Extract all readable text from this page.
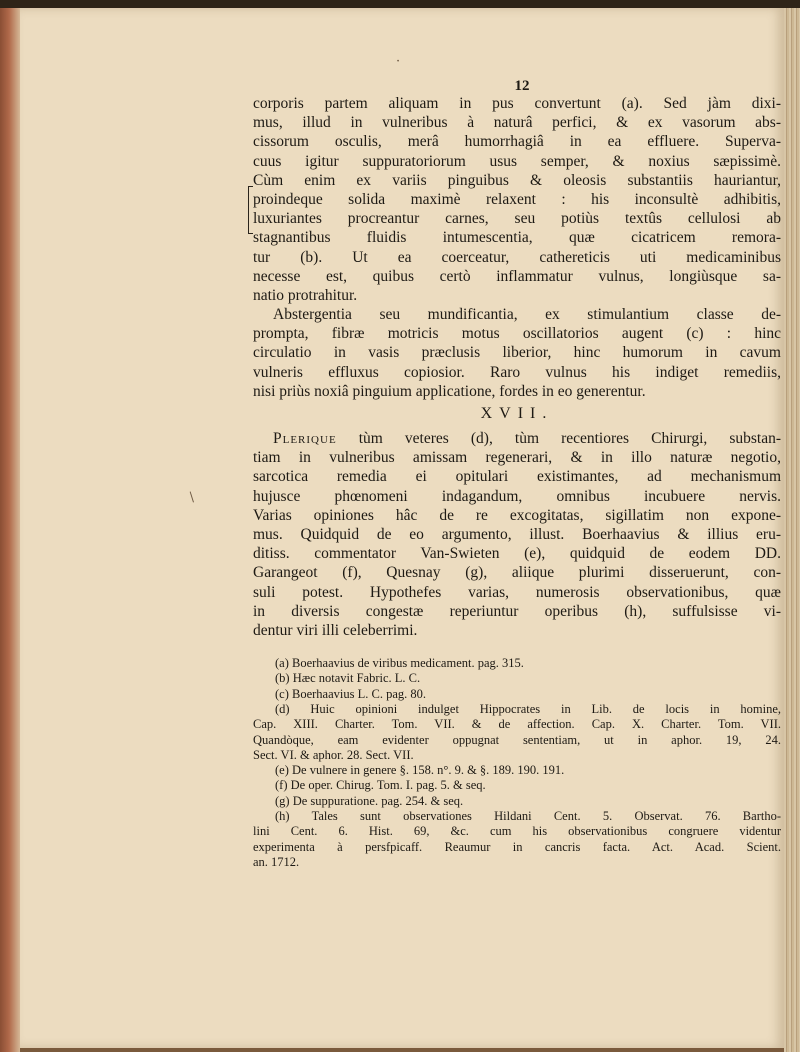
·
/
12
corporis partem aliquam in pus convertunt (a). Sed jàm dixi-
mus, illud in vulneribus à naturâ perfici, & ex vasorum abs-
cissorum osculis, merâ humorrhagiâ in ea effluere. Superva-
cuus igitur suppuratoriorum usus semper, & noxius sæpissimè.
Cùm enim ex variis pinguibus & oleosis substantiis hauriantur,
proindeque solida maximè relaxent : his inconsultè adhibitis,
luxuriantes procreantur carnes, seu potiùs textûs cellulosi ab
stagnantibus fluidis intumescentia, quæ cicatricem remora-
tur (b). Ut ea coerceatur, cathereticis uti medicaminibus
necesse est, quibus certò inflammatur vulnus, longiùsque sa-
natio protrahitur.
Abstergentia seu mundificantia, ex stimulantium classe de-
prompta, fibræ motricis motus oscillatorios augent (c) : hinc
circulatio in vasis præclusis liberior, hinc humorum in cavum
vulneris effluxus copiosior. Raro vulnus his indiget remediis,
nisi priùs noxiâ pinguium applicatione, fordes in eo generentur.
XVII.
Plerique tùm veteres (d), tùm recentiores Chirurgi, substan-
tiam in vulneribus amissam regenerari, & in illo naturæ negotio,
sarcotica remedia ei opitulari existimantes, ad mechanismum
hujusce phœnomeni indagandum, omnibus incubuere nervis.
Varias opiniones hâc de re excogitatas, sigillatim non expone-
mus. Quidquid de eo argumento, illust. Boerhaavius & illius eru-
ditiss. commentator Van-Swieten (e), quidquid de eodem DD.
Garangeot (f), Quesnay (g), aliique plurimi disseruerunt, con-
suli potest. Hypothefes varias, numerosis observationibus, quæ
in diversis congestæ reperiuntur operibus (h), suffulsisse vi-
dentur viri illi celeberrimi.
(a) Boerhaavius de viribus medicament. pag. 315.
(b) Hæc notavit Fabric. L. C.
(c) Boerhaavius L. C. pag. 80.
(d) Huic opinioni indulget Hippocrates in Lib. de locis in homine,
Cap. XIII. Charter. Tom. VII. & de affection. Cap. X. Charter. Tom. VII.
Quandòque, eam evidenter oppugnat sententiam, ut in aphor. 19, 24.
Sect. VI. & aphor. 28. Sect. VII.
(e) De vulnere in genere §. 158. n°. 9. & §. 189. 190. 191.
(f) De oper. Chirug. Tom. I. pag. 5. & seq.
(g) De suppuratione. pag. 254. & seq.
(h) Tales sunt observationes Hildani Cent. 5. Observat. 76. Bartho-
lini Cent. 6. Hist. 69, &c. cum his observationibus congruere videntur
experimenta à persfpicaff. Reaumur in cancris facta. Act. Acad. Scient.
an. 1712.
